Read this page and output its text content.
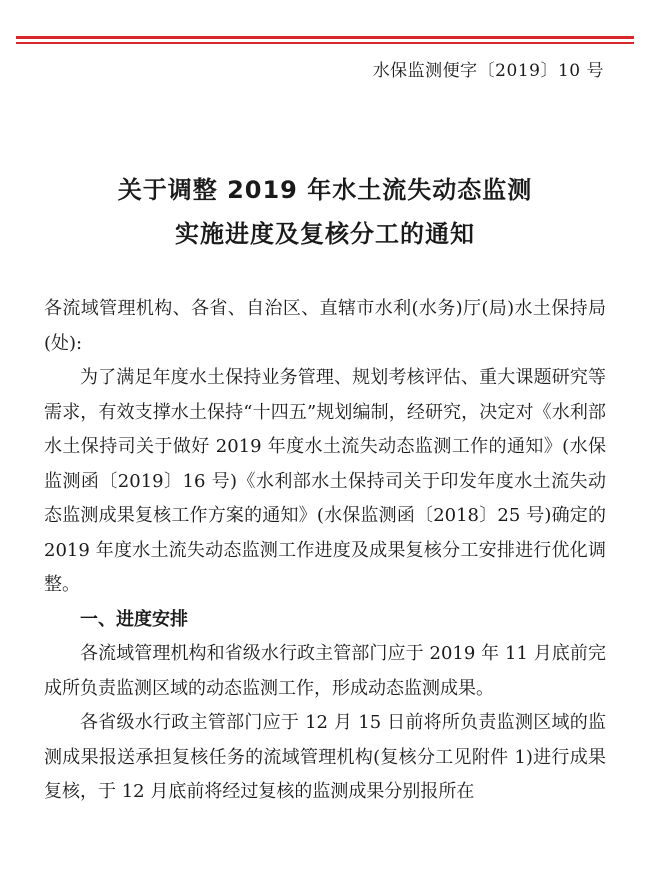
水保监测便字〔2019〕10 号
关于调整 2019 年水土流失动态监测
实施进度及复核分工的通知

各流域管理机构、各省、自治区、直辖市水利(水务)厅(局)水土保持局(处):

为了满足年度水土保持业务管理、规划考核评估、重大课题研究等需求，有效支撑水土保持“十四五”规划编制，经研究，决定对《水利部水土保持司关于做好 2019 年度水土流失动态监测工作的通知》(水保监测函〔2019〕16 号)《水利部水土保持司关于印发年度水土流失动态监测成果复核工作方案的通知》(水保监测函〔2018〕25 号)确定的 2019 年度水土流失动态监测工作进度及成果复核分工安排进行优化调整。

一、进度安排

各流域管理机构和省级水行政主管部门应于 2019 年 11 月底前完成所负责监测区域的动态监测工作，形成动态监测成果。

各省级水行政主管部门应于 12 月 15 日前将所负责监测区域的监测成果报送承担复核任务的流域管理机构(复核分工见附件 1)进行成果复核，于 12 月底前将经过复核的监测成果分别报所在
